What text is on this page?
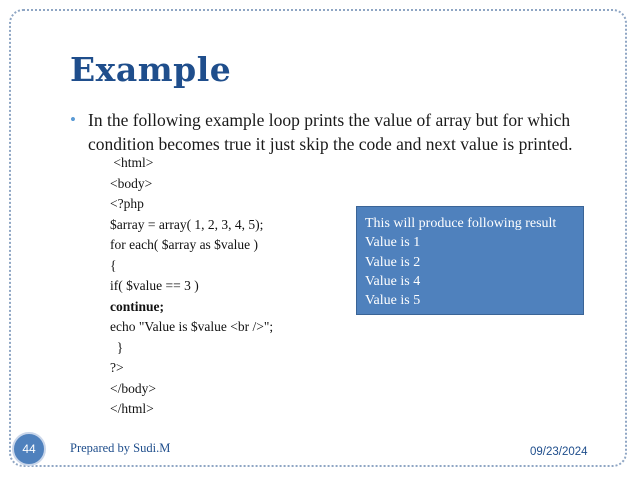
Example
• In the following example loop prints the value of array but for which condition becomes true it just skip the code and next value is printed.
<html>
<body>
<?php
$array = array( 1, 2, 3, 4, 5);
for each( $array as $value )
{
if( $value == 3 )
continue;
echo "Value is $value <br />";
}
?>
</body>
</html>
This will produce following result
Value is 1
Value is 2
Value is 4
Value is 5
44	Prepared by Sudi.M	09/23/2024
